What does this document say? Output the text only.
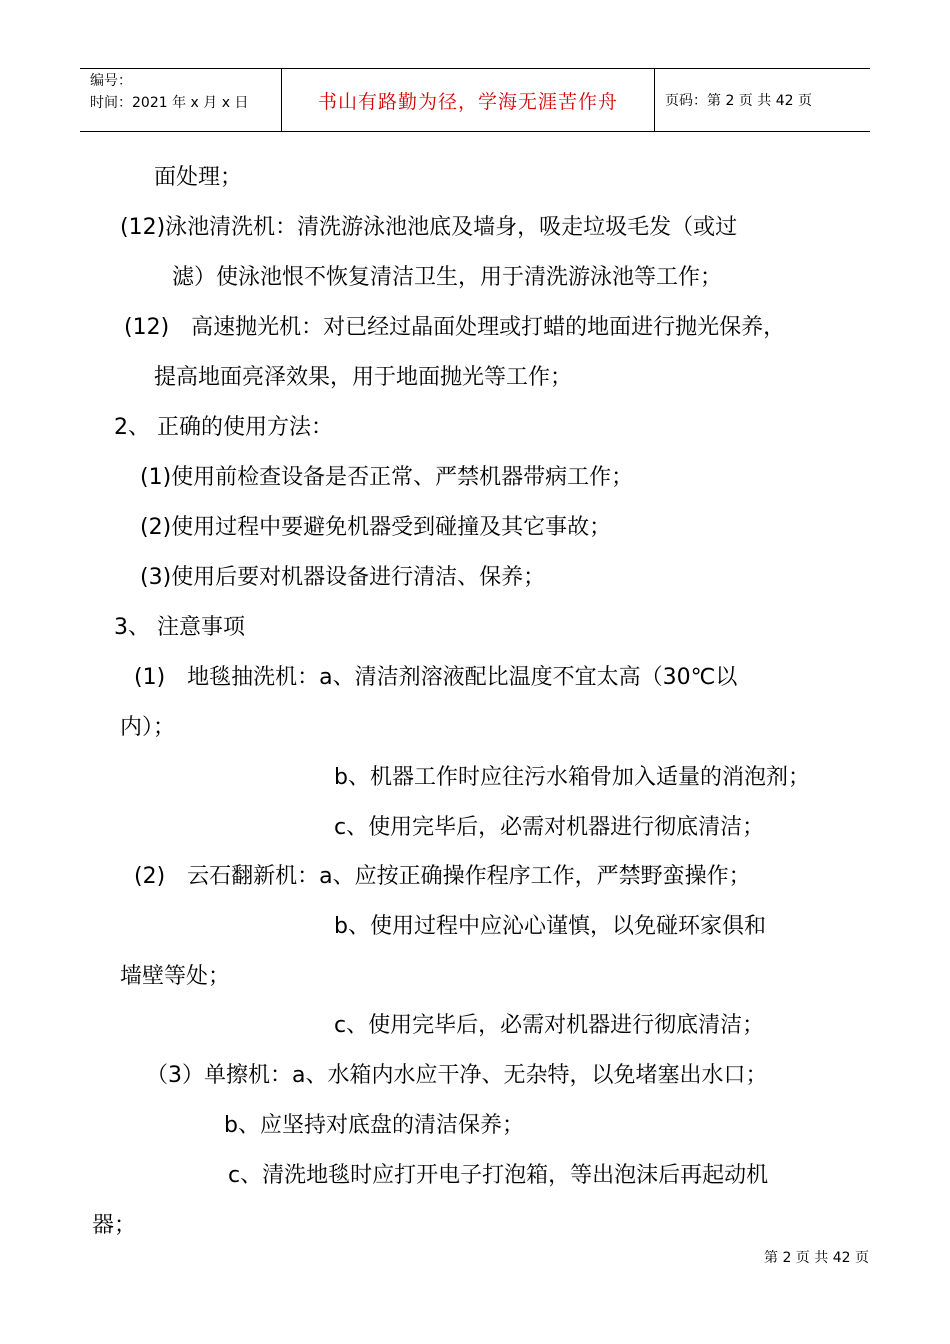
编号：
时间：2021 年 x 月 x 日	书山有路勤为径，学海无涯苦作舟	页码：第 2 页 共 42 页
面处理；
(12)泳池清洗机：清洗游泳池池底及墙身，吸走垃圾毛发（或过
滤）使泳池恨不恢复清洁卫生，用于清洗游泳池等工作；
(12)　高速抛光机：对已经过晶面处理或打蜡的地面进行抛光保养，
提高地面亮泽效果，用于地面抛光等工作；
2、 正确的使用方法：
(1)使用前检查设备是否正常、严禁机器带病工作；
(2)使用过程中要避免机器受到碰撞及其它事故；
(3)使用后要对机器设备进行清洁、保养；
3、 注意事项
(1)　地毯抽洗机：a、清洁剂溶液配比温度不宜太高（30℃以
内）；
b、机器工作时应往污水箱骨加入适量的消泡剂；
c、使用完毕后，必需对机器进行彻底清洁；
(2)　云石翻新机：a、应按正确操作程序工作，严禁野蛮操作；
b、使用过程中应沁心谨慎，以免碰环家俱和
墙壁等处；
c、使用完毕后，必需对机器进行彻底清洁；
（3）单擦机：a、水箱内水应干净、无杂特，以免堵塞出水口；
b、应坚持对底盘的清洁保养；
c、清洗地毯时应打开电子打泡箱，等出泡沫后再起动机
器；
第 2 页 共 42 页
